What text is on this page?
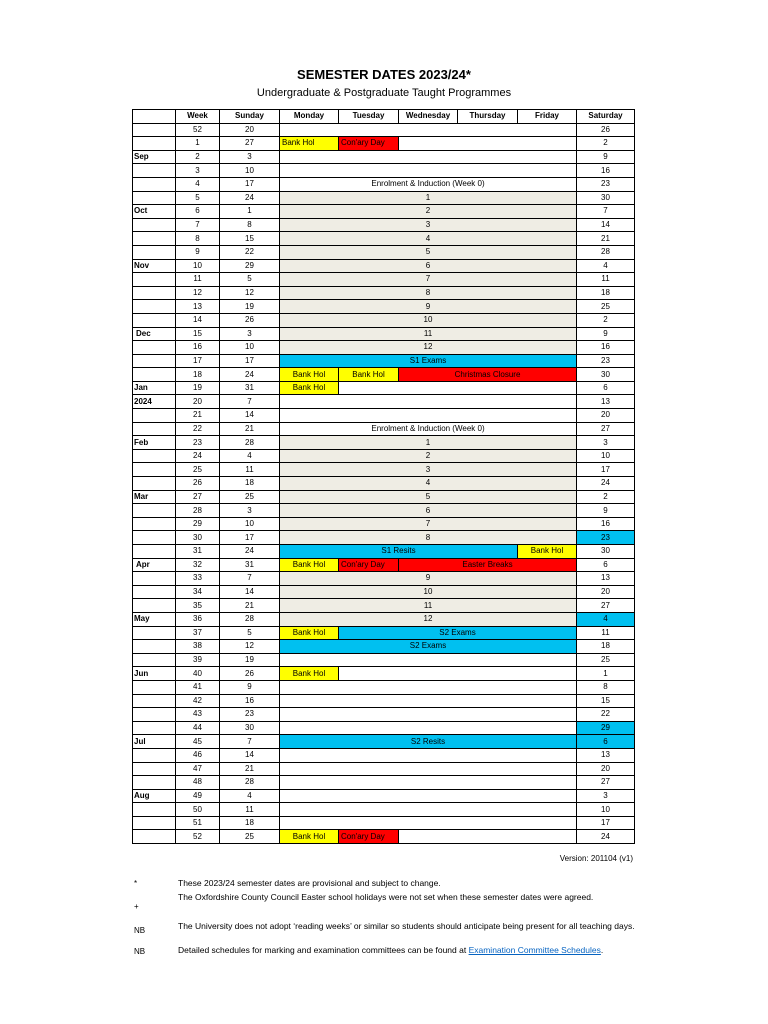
SEMESTER DATES 2023/24*
Undergraduate & Postgraduate Taught Programmes
	Week	Sunday	Monday	Tuesday	Wednesday	Thursday	Friday	Saturday
	52	20						26
	1	27	Bank Hol	Con'ary Day				2
Sep	2	3						9
	3	10						16
	4	17	Enrolment & Induction (Week 0)					23
	5	24	1					30
Oct	6	1	2					7
	7	8	3					14
	8	15	4					21
	9	22	5					28
Nov	10	29	6					4
	11	5	7					11
	12	12	8					18
	13	19	9					25
	14	26	10					2
Dec	15	3	11					9
	16	10	12					16
	17	17	S1 Exams					23
	18	24	Bank Hol	Bank Hol	Christmas Closure			30
Jan	19	31	Bank Hol					6
2024	20	7						13
	21	14						20
	22	21	Enrolment & Induction (Week 0)					27
Feb	23	28	1					3
	24	4	2					10
	25	11	3					17
	26	18	4					24
Mar	27	25	5					2
	28	3	6					9
	29	10	7					16
	30	17	8					23
	31	24	S1 Resits				Bank Hol	30
Apr	32	31	Bank Hol	Con'ary Day	Easter Breaks			6
	33	7	9					13
	34	14	10					20
	35	21	11					27
May	36	28	12					4
	37	5	Bank Hol	S2 Exams				11
	38	12	S2 Exams					18
	39	19						25
Jun	40	26	Bank Hol					1
	41	9						8
	42	16						15
	43	23						22
	44	30						29
Jul	45	7	S2 Resits					6
	46	14						13
	47	21						20
	48	28						27
Aug	49	4						3
	50	11						10
	51	18						17
	52	25	Bank Hol	Con'ary Day				24
Version: 201104 (v1)
*	These 2023/24 semester dates are provisional and subject to change.
+
The Oxfordshire County Council Easter school holidays were not set when these semester dates were agreed.
NB	The University does not adopt ‘reading weeks’ or similar so students should anticipate being present for all teaching days.
NB	Detailed schedules for marking and examination committees can be found at Examination Committee Schedules.
